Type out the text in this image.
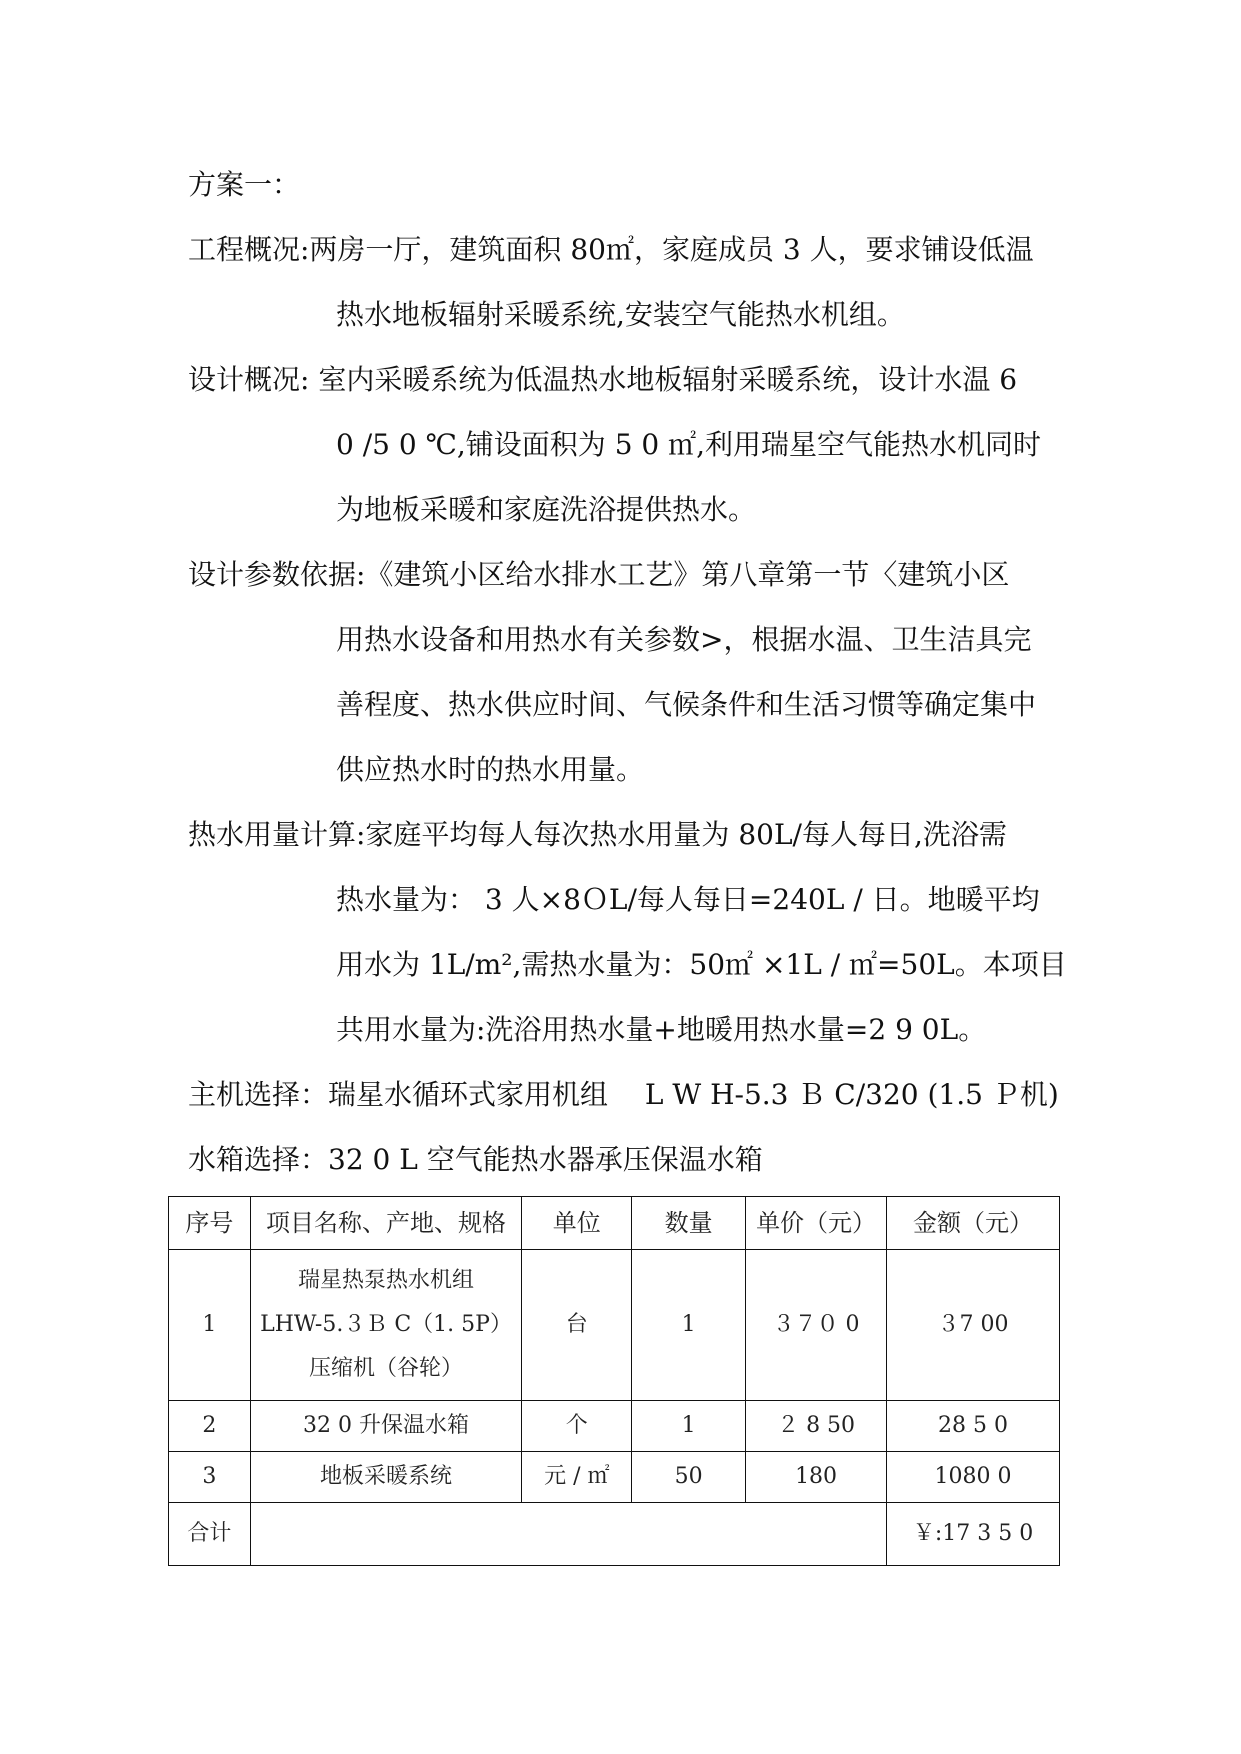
方案一：
工程概况:两房一厅，建筑面积 80㎡，家庭成员 3 人，要求铺设低温
热水地板辐射采暖系统,安装空气能热水机组。
设计概况: 室内采暖系统为低温热水地板辐射采暖系统，设计水温 6
0 /5 0 ℃,铺设面积为 5 0 ㎡,利用瑞星空气能热水机同时
为地板采暖和家庭洗浴提供热水。
设计参数依据:《建筑小区给水排水工艺》第八章第一节〈建筑小区
用热水设备和用热水有关参数>，根据水温、卫生洁具完
善程度、热水供应时间、气候条件和生活习惯等确定集中
供应热水时的热水用量。
热水用量计算:家庭平均每人每次热水用量为 80L/每人每日,洗浴需
热水量为： 3 人×8ＯL/每人每日=240L / 日。地暖平均
用水为 1L/m²,需热水量为：50㎡ ×1L / ㎡=50L。本项目
共用水量为:洗浴用热水量+地暖用热水量=2 9 0L。
主机选择：瑞星水循环式家用机组　 L W H-5.3 Ｂ C/320 (1.5 Ｐ机)
水箱选择：32 0 L 空气能热水器承压保温水箱
序号	项目名称、产地、规格	单位	数量	单价（元）	金额（元）
1	瑞星热泵热水机组
LHW-5.３Ｂ C（1. 5P）
压缩机（谷轮）	台	1	３７０ 0	３7 00
2	32 0 升保温水箱	个	1	２ 8 50	28 5 0
3	地板采暖系统	元 / ㎡	50	180	1080 0
合计					￥:17 3 5 0
